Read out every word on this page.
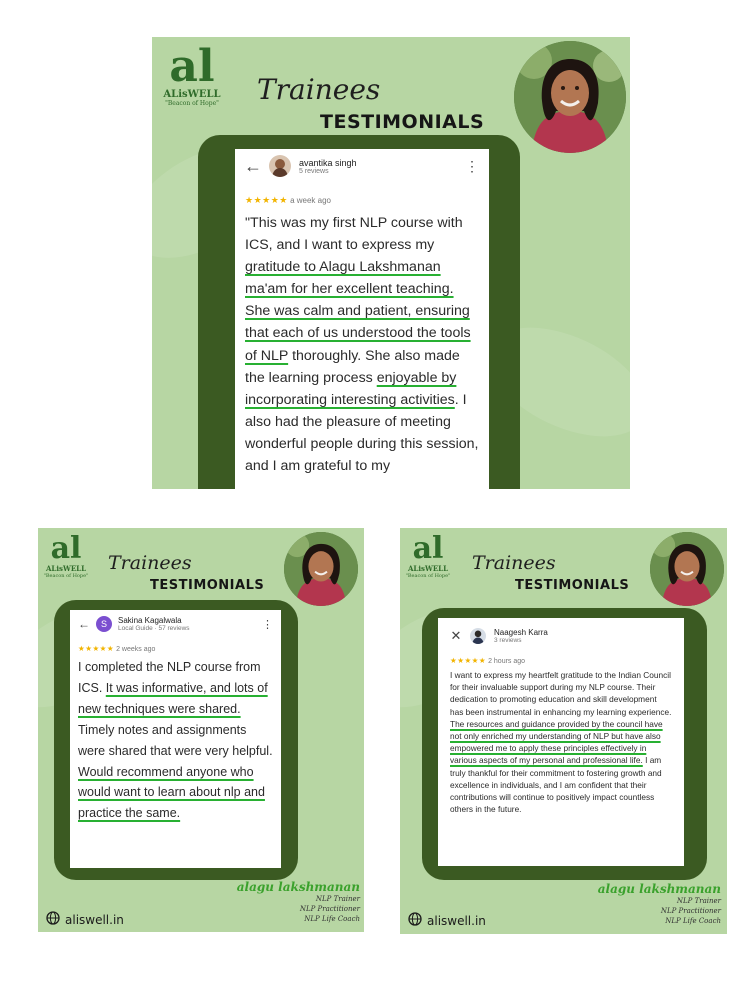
al
ALisWELL
"Beacon of Hope" Trainees
TESTIMONIALS
←	avantika singh
5 reviews	⋮
★★★★★ a week ago
"This was my first NLP course with ICS, and I want to express my gratitude to Alagu Lakshmanan ma'am for her excellent teaching. She was calm and patient, ensuring that each of us understood the tools of NLP thoroughly. She also made the learning process enjoyable by incorporating interesting activities. I also had the pleasure of meeting wonderful people during this session, and I am grateful to my
al
ALisWELL
"Beacon of Hope"
Trainees
TESTIMONIALS
←	S	Sakina Kagalwala
Local Guide · 57 reviews	⋮
★★★★★ 2 weeks ago
I completed the NLP course from ICS. It was informative, and lots of new techniques were shared. Timely notes and assignments were shared that were very helpful. Would recommend anyone who would want to learn about nlp and practice the same.
alagu lakshmanan
NLP Trainer
NLP Practitioner
NLP Life Coach
aliswell.in
al
ALisWELL
"Beacon of Hope"
Trainees
TESTIMONIALS
✕	Naagesh Karra
3 reviews
★★★★★ 2 hours ago
I want to express my heartfelt gratitude to the Indian Council for their invaluable support during my NLP course. Their dedication to promoting education and skill development has been instrumental in enhancing my learning experience. The resources and guidance provided by the council have not only enriched my understanding of NLP but have also empowered me to apply these principles effectively in various aspects of my personal and professional life. I am truly thankful for their commitment to fostering growth and excellence in individuals, and I am confident that their contributions will continue to positively impact countless others in the future.
alagu lakshmanan
NLP Trainer
NLP Practitioner
NLP Life Coach
aliswell.in
